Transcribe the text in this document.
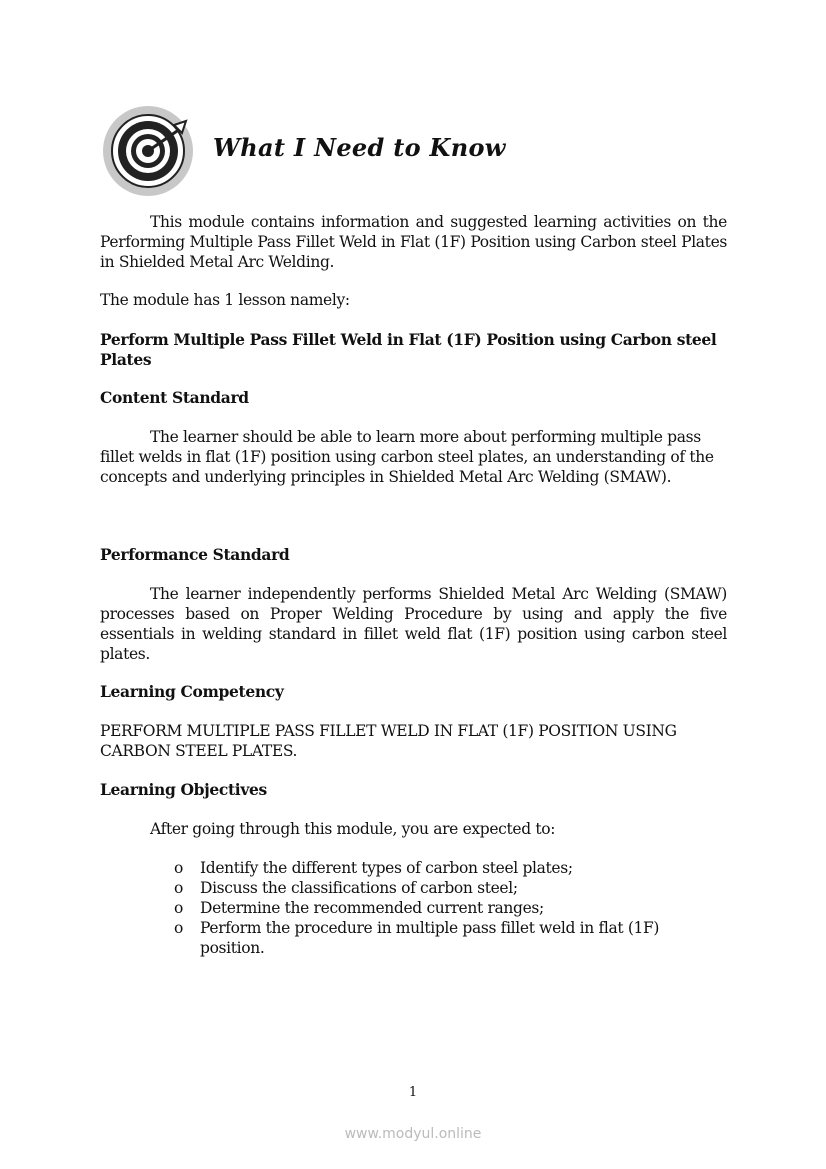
What I Need to Know
This module contains information and suggested learning activities on the Performing Multiple Pass Fillet Weld in Flat (1F) Position using Carbon steel Plates in Shielded Metal Arc Welding.
The module has 1 lesson namely:
Perform Multiple Pass Fillet Weld in Flat (1F) Position using Carbon steel Plates
Content Standard
The learner should be able to learn more about performing multiple pass fillet welds in flat (1F) position using carbon steel plates, an understanding of the concepts and underlying principles in Shielded Metal Arc Welding (SMAW).
Performance Standard
The learner independently performs Shielded Metal Arc Welding (SMAW) processes based on Proper Welding Procedure by using and apply the five essentials in welding standard in fillet weld flat (1F) position using carbon steel plates.
Learning Competency
PERFORM MULTIPLE PASS FILLET WELD IN FLAT (1F) POSITION USING CARBON STEEL PLATES.
Learning Objectives
After going through this module, you are expected to:
o Identify the different types of carbon steel plates;
o Discuss the classifications of carbon steel;
o Determine the recommended current ranges;
o Perform the procedure in multiple pass fillet weld in flat (1F) position.
1
www.modyul.online
